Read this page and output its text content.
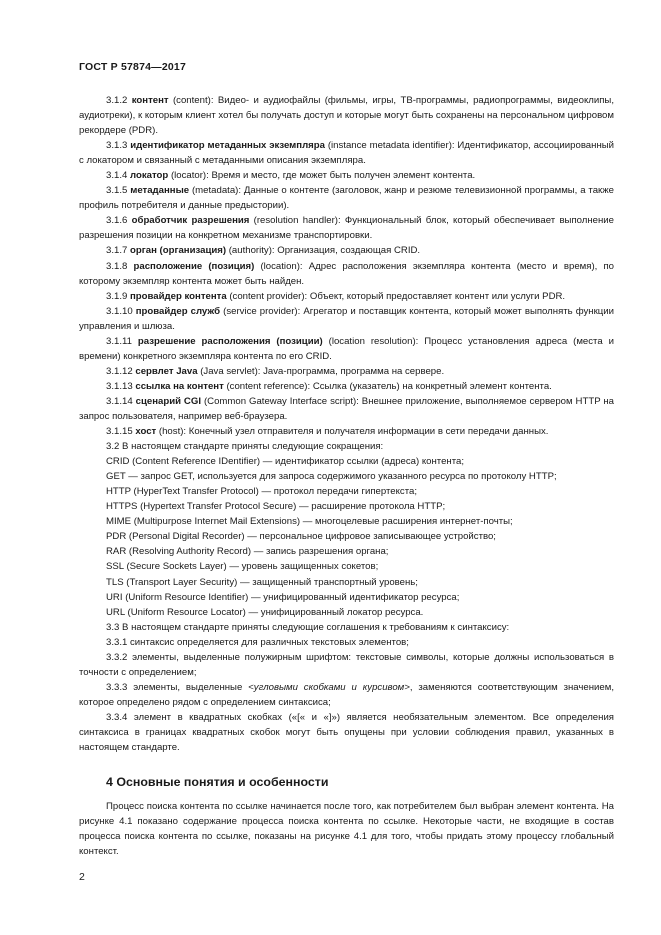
ГОСТ Р 57874—2017

3.1.2 контент (content): Видео- и аудиофайлы (фильмы, игры, ТВ-программы, радиопрограммы, видеоклипы, аудиотреки), к которым клиент хотел бы получать доступ и которые могут быть сохранены на персональном цифровом рекордере (PDR).

3.1.3 идентификатор метаданных экземпляра (instance metadata identifier): Идентификатор, ассоциированный с локатором и связанный с метаданными описания экземпляра.

3.1.4 локатор (locator): Время и место, где может быть получен элемент контента.

3.1.5 метаданные (metadata): Данные о контенте (заголовок, жанр и резюме телевизионной программы, а также профиль потребителя и данные предыстории).

3.1.6 обработчик разрешения (resolution handler): Функциональный блок, который обеспечивает выполнение разрешения позиции на конкретном механизме транспортировки.

3.1.7 орган (организация) (authority): Организация, создающая CRID.

3.1.8 расположение (позиция) (location): Адрес расположения экземпляра контента (место и время), по которому экземпляр контента может быть найден.

3.1.9 провайдер контента (content provider): Объект, который предоставляет контент или услуги PDR.

3.1.10 провайдер служб (service provider): Агрегатор и поставщик контента, который может выполнять функции управления и шлюза.

3.1.11 разрешение расположения (позиции) (location resolution): Процесс установления адреса (места и времени) конкретного экземпляра контента по его CRID.

3.1.12 сервлет Java (Java servlet): Java-программа, программа на сервере.

3.1.13 ссылка на контент (content reference): Ссылка (указатель) на конкретный элемент контента.

3.1.14 сценарий CGI (Common Gateway Interface script): Внешнее приложение, выполняемое сервером HTTP на запрос пользователя, например веб-браузера.

3.1.15 хост (host): Конечный узел отправителя и получателя информации в сети передачи данных.

3.2 В настоящем стандарте приняты следующие сокращения:

CRID (Content Reference IDentifier) — идентификатор ссылки (адреса) контента;

GET — запрос GET, используется для запроса содержимого указанного ресурса по протоколу HTTP;

HTTP (HyperText Transfer Protocol) — протокол передачи гипертекста;

HTTPS (Hypertext Transfer Protocol Secure) — расширение протокола HTTP;

MIME (Multipurpose Internet Mail Extensions) — многоцелевые расширения интернет-почты;

PDR (Personal Digital Recorder) — персональное цифровое записывающее устройство;

RAR (Resolving Authority Record) — запись разрешения органа;

SSL (Secure Sockets Layer) — уровень защищенных сокетов;

TLS (Transport Layer Security) — защищенный транспортный уровень;

URI (Uniform Resource Identifier) — унифицированный идентификатор ресурса;

URL (Uniform Resource Locator) — унифицированный локатор ресурса.

3.3 В настоящем стандарте приняты следующие соглашения к требованиям к синтаксису:

3.3.1 синтаксис определяется для различных текстовых элементов;

3.3.2 элементы, выделенные полужирным шрифтом: текстовые символы, которые должны использоваться в точности с определением;

3.3.3 элементы, выделенные <угловыми скобками и курсивом>, заменяются соответствующим значением, которое определено рядом с определением синтаксиса;

3.3.4 элемент в квадратных скобках («[« и «]») является необязательным элементом. Все определения синтаксиса в границах квадратных скобок могут быть опущены при условии соблюдения правил, указанных в настоящем стандарте.

4 Основные понятия и особенности

Процесс поиска контента по ссылке начинается после того, как потребителем был выбран элемент контента. На рисунке 4.1 показано содержание процесса поиска контента по ссылке. Некоторые части, не входящие в состав процесса поиска контента по ссылке, показаны на рисунке 4.1 для того, чтобы придать этому процессу глобальный контекст.

2
